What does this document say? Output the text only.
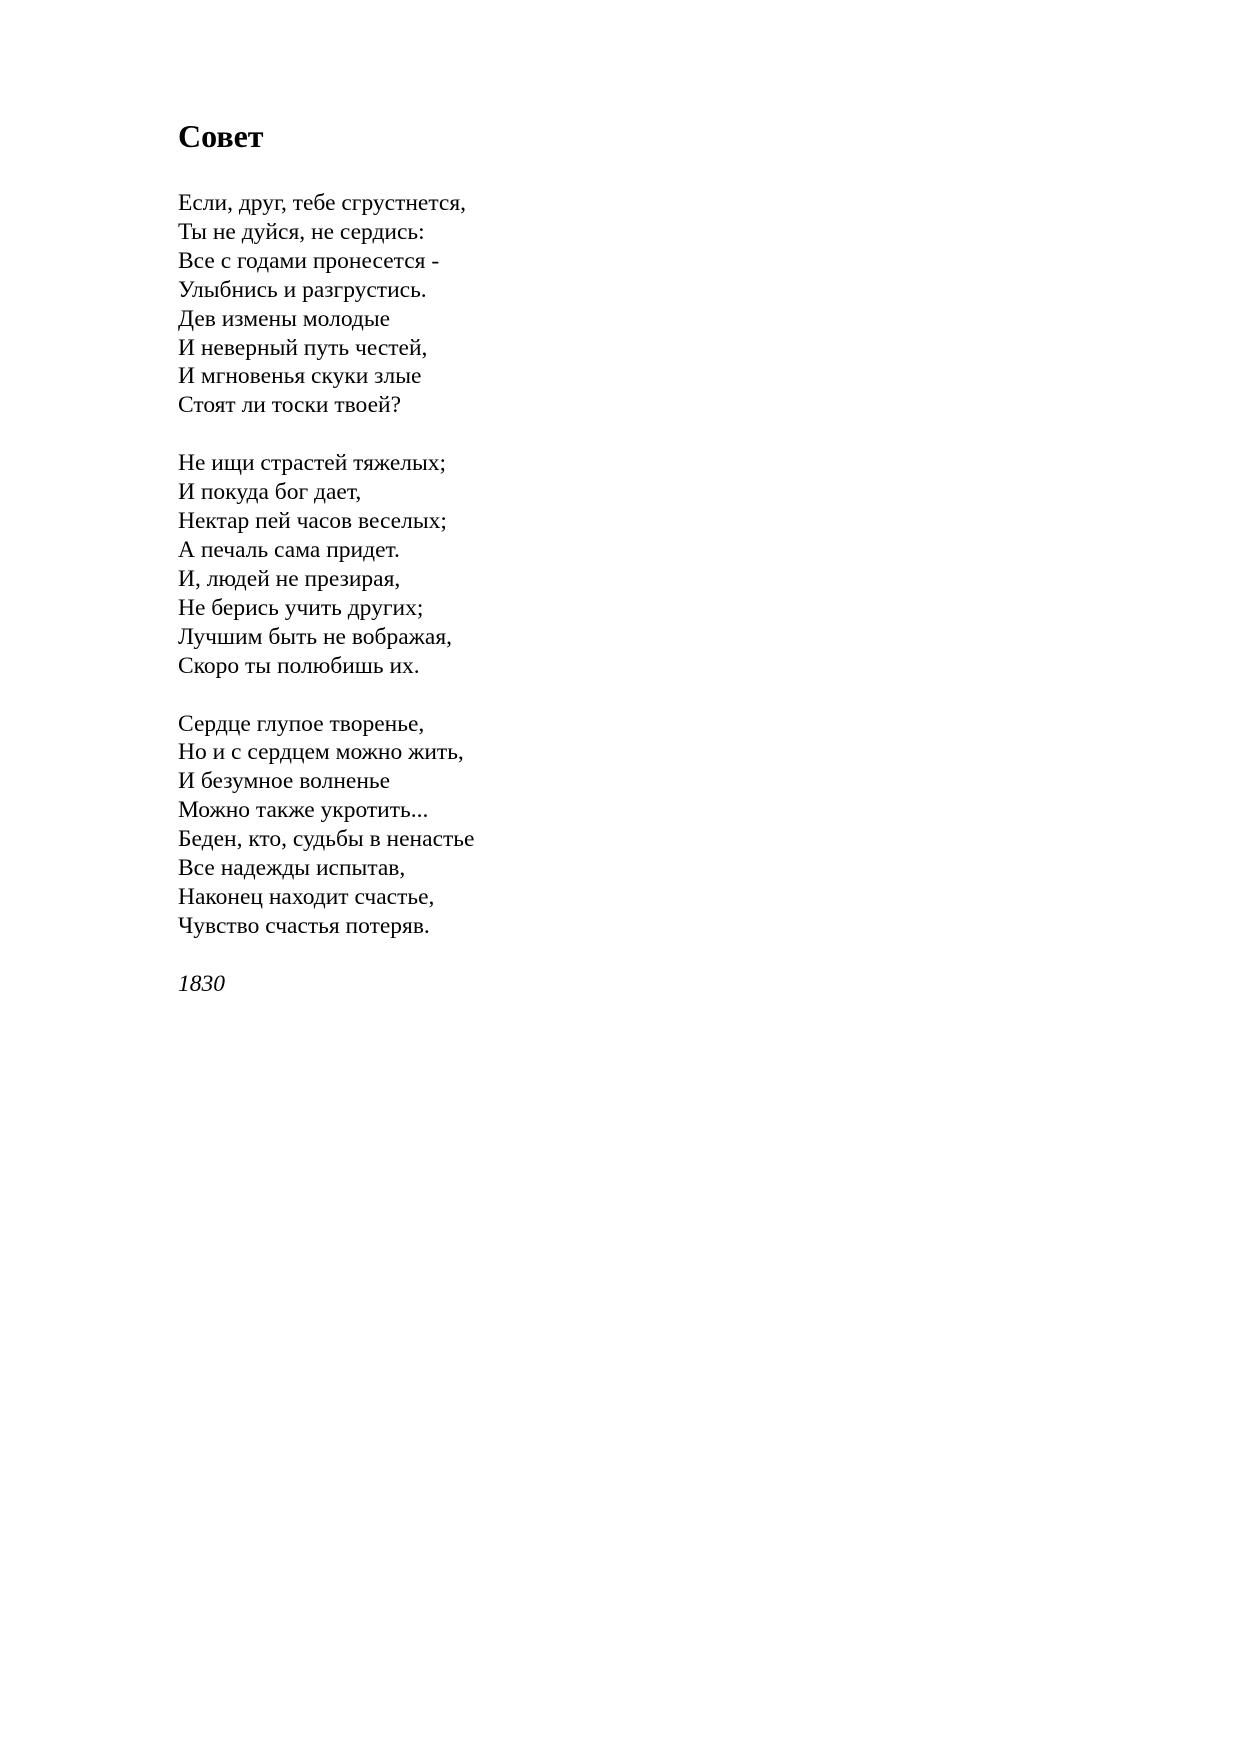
Совет
Если, друг, тебе сгрустнется,
Ты не дуйся, не сердись:
Все с годами пронесется -
Улыбнись и разгрустись.
Дев измены молодые
И неверный путь честей,
И мгновенья скуки злые
Стоят ли тоски твоей?
Не ищи страстей тяжелых;
И покуда бог дает,
Нектар пей часов веселых;
А печаль сама придет.
И, людей не презирая,
Не берись учить других;
Лучшим быть не вображая,
Скоро ты полюбишь их.
Сердце глупое творенье,
Но и с сердцем можно жить,
И безумное волненье
Можно также укротить...
Беден, кто, судьбы в ненастье
Все надежды испытав,
Наконец находит счастье,
Чувство счастья потеряв.
1830
